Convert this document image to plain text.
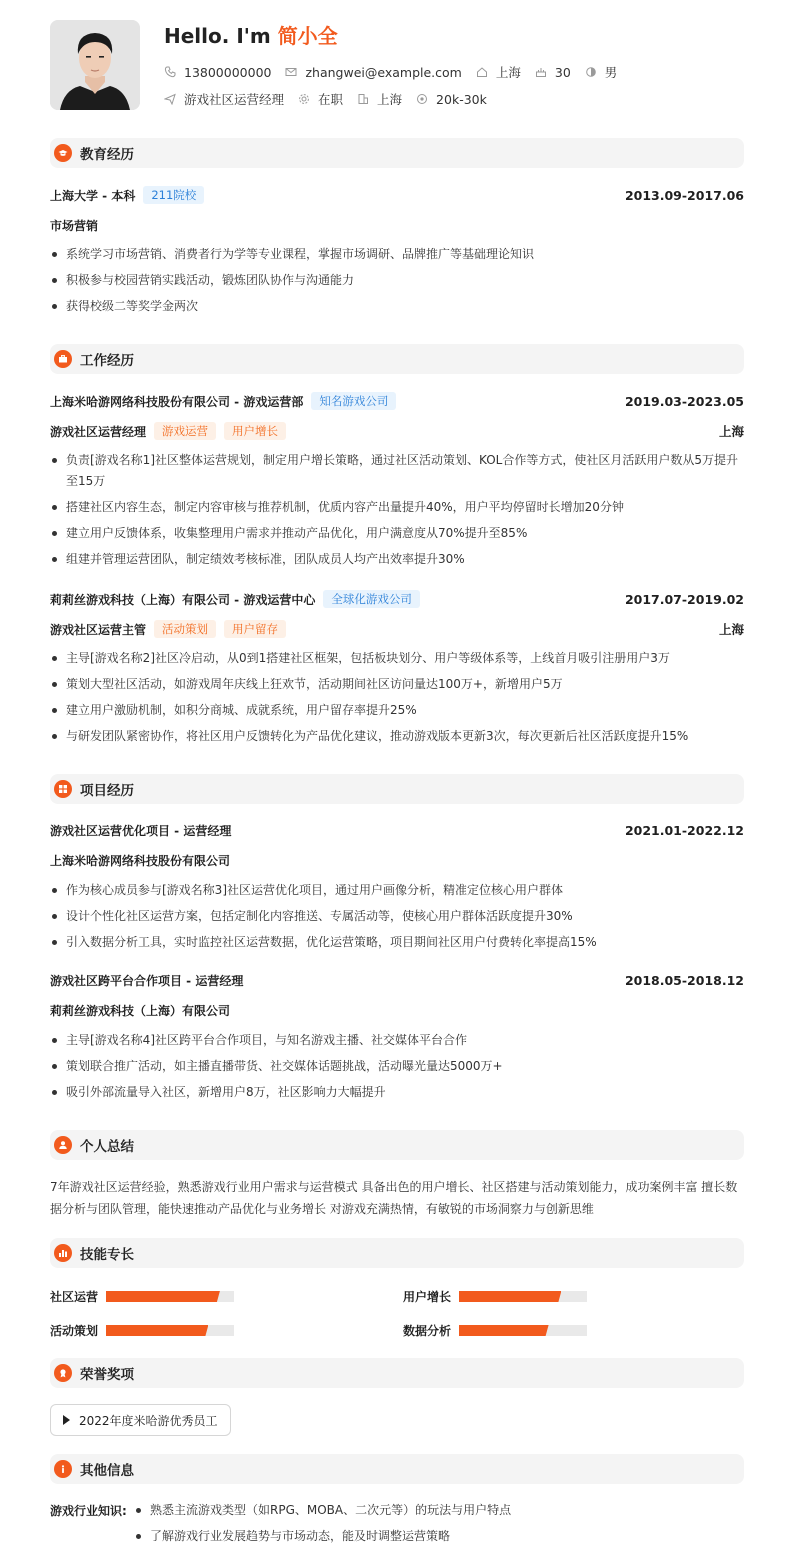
Hello. I'm 简小全
13800000000	zhangwei@example.com	上海	30	男
游戏社区运营经理	在职	上海	20k-30k
教育经历
上海大学 - 本科	211院校	2013.09-2017.06
市场营销
系统学习市场营销、消费者行为学等专业课程，掌握市场调研、品牌推广等基础理论知识
积极参与校园营销实践活动，锻炼团队协作与沟通能力
获得校级二等奖学金两次
工作经历
上海米哈游网络科技股份有限公司 - 游戏运营部	知名游戏公司	2019.03-2023.05
游戏社区运营经理	游戏运营	用户增长	上海
负责[游戏名称1]社区整体运营规划，制定用户增长策略，通过社区活动策划、KOL合作等方式，使社区月活跃用户数从5万提升至15万
搭建社区内容生态，制定内容审核与推荐机制，优质内容产出量提升40%，用户平均停留时长增加20分钟
建立用户反馈体系，收集整理用户需求并推动产品优化，用户满意度从70%提升至85%
组建并管理运营团队，制定绩效考核标准，团队成员人均产出效率提升30%
莉莉丝游戏科技（上海）有限公司 - 游戏运营中心	全球化游戏公司	2017.07-2019.02
游戏社区运营主管	活动策划	用户留存	上海
主导[游戏名称2]社区冷启动，从0到1搭建社区框架，包括板块划分、用户等级体系等，上线首月吸引注册用户3万
策划大型社区活动，如游戏周年庆线上狂欢节，活动期间社区访问量达100万+，新增用户5万
建立用户激励机制，如积分商城、成就系统，用户留存率提升25%
与研发团队紧密协作，将社区用户反馈转化为产品优化建议，推动游戏版本更新3次，每次更新后社区活跃度提升15%
项目经历
游戏社区运营优化项目 - 运营经理	2021.01-2022.12
上海米哈游网络科技股份有限公司
作为核心成员参与[游戏名称3]社区运营优化项目，通过用户画像分析，精准定位核心用户群体
设计个性化社区运营方案，包括定制化内容推送、专属活动等，使核心用户群体活跃度提升30%
引入数据分析工具，实时监控社区运营数据，优化运营策略，项目期间社区用户付费转化率提高15%
游戏社区跨平台合作项目 - 运营经理	2018.05-2018.12
莉莉丝游戏科技（上海）有限公司
主导[游戏名称4]社区跨平台合作项目，与知名游戏主播、社交媒体平台合作
策划联合推广活动，如主播直播带货、社交媒体话题挑战，活动曝光量达5000万+
吸引外部流量导入社区，新增用户8万，社区影响力大幅提升
个人总结
7年游戏社区运营经验，熟悉游戏行业用户需求与运营模式 具备出色的用户增长、社区搭建与活动策划能力，成功案例丰富 擅长数据分析与团队管理，能快速推动产品优化与业务增长 对游戏充满热情，有敏锐的市场洞察力与创新思维
技能专长
社区运营	用户增长
活动策划	数据分析
荣誉奖项
2022年度米哈游优秀员工
其他信息
游戏行业知识:	熟悉主流游戏类型（如RPG、MOBA、二次元等）的玩法与用户特点
了解游戏行业发展趋势与市场动态，能及时调整运营策略
